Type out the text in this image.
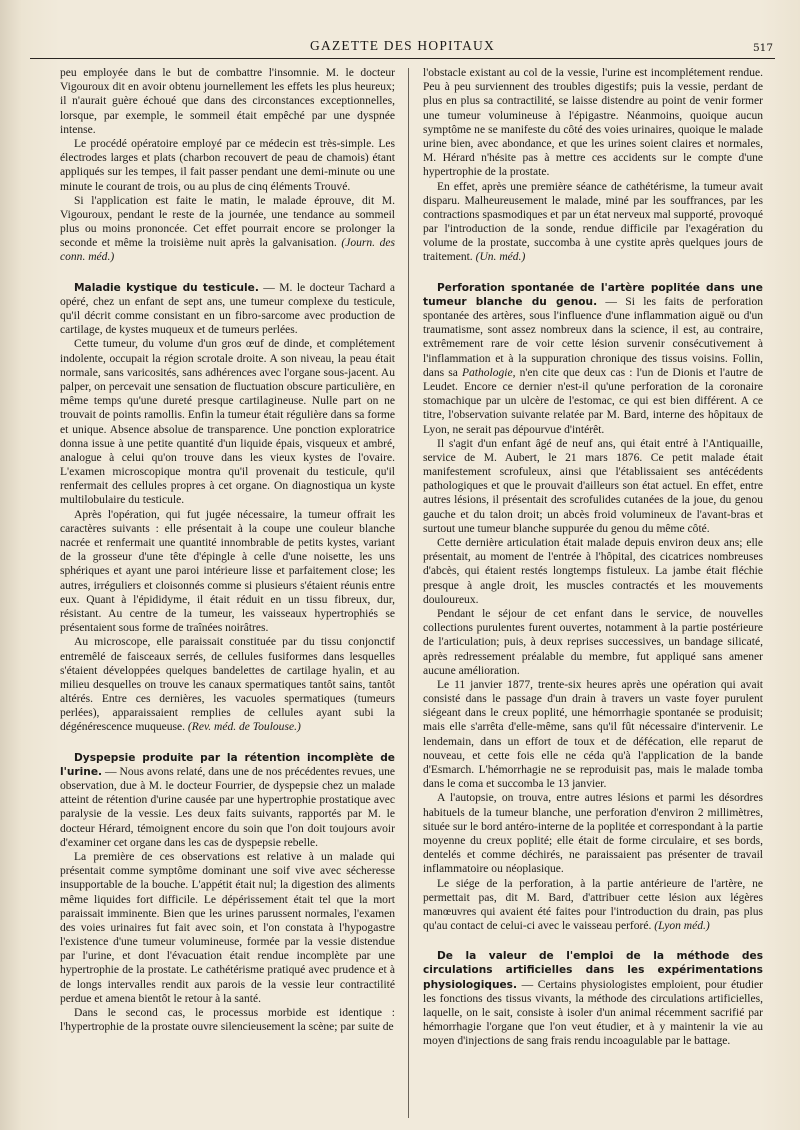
GAZETTE DES HOPITAUX	517

peu employée dans le but de combattre l'insomnie. M. le docteur Vigouroux dit en avoir obtenu journellement les effets les plus heureux; il n'aurait guère échoué que dans des circonstances exceptionnelles, lorsque, par exemple, le sommeil était empêché par une dyspnée intense.

Le procédé opératoire employé par ce médecin est très-simple. Les électrodes larges et plats (charbon recouvert de peau de chamois) étant appliqués sur les tempes, il fait passer pendant une demi-minute ou une minute le courant de trois, ou au plus de cinq éléments Trouvé.

Si l'application est faite le matin, le malade éprouve, dit M. Vigouroux, pendant le reste de la journée, une tendance au sommeil plus ou moins prononcée. Cet effet pourrait encore se prolonger la seconde et même la troisième nuit après la galvanisation. (Journ. des conn. méd.)

Maladie kystique du testicule. — M. le docteur Tachard a opéré, chez un enfant de sept ans, une tumeur complexe du testicule, qu'il décrit comme consistant en un fibro-sarcome avec production de cartilage, de kystes muqueux et de tumeurs perlées.

Cette tumeur, du volume d'un gros œuf de dinde, et complétement indolente, occupait la région scrotale droite. A son niveau, la peau était normale, sans varicosités, sans adhérences avec l'organe sous-jacent. Au palper, on percevait une sensation de fluctuation obscure particulière, en même temps qu'une dureté presque cartilagineuse. Nulle part on ne trouvait de points ramollis. Enfin la tumeur était régulière dans sa forme et unique. Absence absolue de transparence. Une ponction exploratrice donna issue à une petite quantité d'un liquide épais, visqueux et ambré, analogue à celui qu'on trouve dans les vieux kystes de l'ovaire. L'examen microscopique montra qu'il provenait du testicule, qu'il renfermait des cellules propres à cet organe. On diagnostiqua un kyste multilobulaire du testicule.

Après l'opération, qui fut jugée nécessaire, la tumeur offrait les caractères suivants : elle présentait à la coupe une couleur blanche nacrée et renfermait une quantité innombrable de petits kystes, variant de la grosseur d'une tête d'épingle à celle d'une noisette, les uns sphériques et ayant une paroi intérieure lisse et parfaitement close; les autres, irréguliers et cloisonnés comme si plusieurs s'étaient réunis entre eux. Quant à l'épididyme, il était réduit en un tissu fibreux, dur, résistant. Au centre de la tumeur, les vaisseaux hypertrophiés se présentaient sous forme de traînées noirâtres.

Au microscope, elle paraissait constituée par du tissu conjonctif entremêlé de faisceaux serrés, de cellules fusiformes dans lesquelles s'étaient développées quelques bandelettes de cartilage hyalin, et au milieu desquelles on trouve les canaux spermatiques tantôt sains, tantôt altérés. Entre ces dernières, les vacuoles spermatiques (tumeurs perlées), apparaissaient remplies de cellules ayant subi la dégénérescence muqueuse. (Rev. méd. de Toulouse.)

Dyspepsie produite par la rétention incomplète de l'urine. — Nous avons relaté, dans une de nos précédentes revues, une observation, due à M. le docteur Fourrier, de dyspepsie chez un malade atteint de rétention d'urine causée par une hypertrophie prostatique avec paralysie de la vessie. Les deux faits suivants, rapportés par M. le docteur Hérard, témoignent encore du soin que l'on doit toujours avoir d'examiner cet organe dans les cas de dyspepsie rebelle.

La première de ces observations est relative à un malade qui présentait comme symptôme dominant une soif vive avec sécheresse insupportable de la bouche. L'appétit était nul; la digestion des aliments même liquides fort difficile. Le dépérissement était tel que la mort paraissait imminente. Bien que les urines parussent normales, l'examen des voies urinaires fut fait avec soin, et l'on constata à l'hypogastre l'existence d'une tumeur volumineuse, formée par la vessie distendue par l'urine, et dont l'évacuation était rendue incomplète par une hypertrophie de la prostate. Le cathétérisme pratiqué avec prudence et à de longs intervalles rendit aux parois de la vessie leur contractilité perdue et amena bientôt le retour à la santé.

Dans le second cas, le processus morbide est identique : l'hypertrophie de la prostate ouvre silencieusement la scène; par suite de

l'obstacle existant au col de la vessie, l'urine est incomplétement rendue. Peu à peu surviennent des troubles digestifs; puis la vessie, perdant de plus en plus sa contractilité, se laisse distendre au point de venir former une tumeur volumineuse à l'épigastre. Néanmoins, quoique aucun symptôme ne se manifeste du côté des voies urinaires, quoique le malade urine bien, avec abondance, et que les urines soient claires et normales, M. Hérard n'hésite pas à mettre ces accidents sur le compte d'une hypertrophie de la prostate.

En effet, après une première séance de cathétérisme, la tumeur avait disparu. Malheureusement le malade, miné par les souffrances, par les contractions spasmodiques et par un état nerveux mal supporté, provoqué par l'introduction de la sonde, rendue difficile par l'exagération du volume de la prostate, succomba à une cystite après quelques jours de traitement. (Un. méd.)

Perforation spontanée de l'artère poplitée dans une tumeur blanche du genou. — Si les faits de perforation spontanée des artères, sous l'influence d'une inflammation aiguë ou d'un traumatisme, sont assez nombreux dans la science, il est, au contraire, extrêmement rare de voir cette lésion survenir consécutivement à l'inflammation et à la suppuration chronique des tissus voisins. Follin, dans sa Pathologie, n'en cite que deux cas : l'un de Dionis et l'autre de Leudet. Encore ce dernier n'est-il qu'une perforation de la coronaire stomachique par un ulcère de l'estomac, ce qui est bien différent. A ce titre, l'observation suivante relatée par M. Bard, interne des hôpitaux de Lyon, ne serait pas dépourvue d'intérêt.

Il s'agit d'un enfant âgé de neuf ans, qui était entré à l'Antiquaille, service de M. Aubert, le 21 mars 1876. Ce petit malade était manifestement scrofuleux, ainsi que l'établissaient ses antécédents pathologiques et que le prouvait d'ailleurs son état actuel. En effet, entre autres lésions, il présentait des scrofulides cutanées de la joue, du genou gauche et du talon droit; un abcès froid volumineux de l'avant-bras et surtout une tumeur blanche suppurée du genou du même côté.

Cette dernière articulation était malade depuis environ deux ans; elle présentait, au moment de l'entrée à l'hôpital, des cicatrices nombreuses d'abcès, qui étaient restés longtemps fistuleux. La jambe était fléchie presque à angle droit, les muscles contractés et les mouvements douloureux.

Pendant le séjour de cet enfant dans le service, de nouvelles collections purulentes furent ouvertes, notamment à la partie postérieure de l'articulation; puis, à deux reprises successives, un bandage silicaté, après redressement préalable du membre, fut appliqué sans amener aucune amélioration.

Le 11 janvier 1877, trente-six heures après une opération qui avait consisté dans le passage d'un drain à travers un vaste foyer purulent siégeant dans le creux poplité, une hémorrhagie spontanée se produisit; mais elle s'arrêta d'elle-même, sans qu'il fût nécessaire d'intervenir. Le lendemain, dans un effort de toux et de défécation, elle reparut de nouveau, et cette fois elle ne céda qu'à l'application de la bande d'Esmarch. L'hémorrhagie ne se reproduisit pas, mais le malade tomba dans le coma et succomba le 13 janvier.

A l'autopsie, on trouva, entre autres lésions et parmi les désordres habituels de la tumeur blanche, une perforation d'environ 2 millimètres, située sur le bord antéro-interne de la poplitée et correspondant à la partie moyenne du creux poplité; elle était de forme circulaire, et ses bords, dentelés et comme déchirés, ne paraissaient pas présenter de travail inflammatoire ou néoplasique.

Le siége de la perforation, à la partie antérieure de l'artère, ne permettait pas, dit M. Bard, d'attribuer cette lésion aux légères manœuvres qui avaient été faites pour l'introduction du drain, pas plus qu'au contact de celui-ci avec le vaisseau perforé. (Lyon méd.)

De la valeur de l'emploi de la méthode des circulations artificielles dans les expérimentations physiologiques. — Certains physiologistes emploient, pour étudier les fonctions des tissus vivants, la méthode des circulations artificielles, laquelle, on le sait, consiste à isoler d'un animal récemment sacrifié par hémorrhagie l'organe que l'on veut étudier, et à y maintenir la vie au moyen d'injections de sang frais rendu incoagulable par le battage.
